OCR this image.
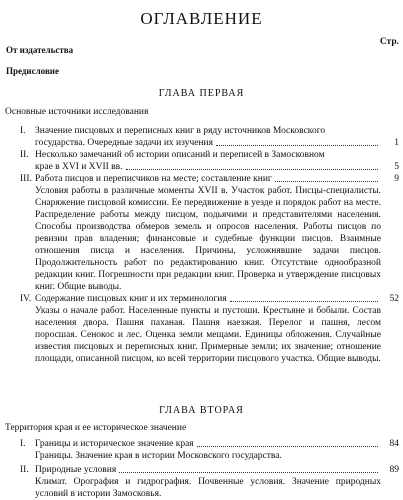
ОГЛАВЛЕНИЕ
Стр.
От издательства
Предисловие
ГЛАВА ПЕРВАЯ
Основные источники исследования
I. Значение писцовых и переписных книг в ряду источников Московского
государства. Очередные задачи их изучения	1
II. Несколько замечаний об истории описаний и переписей в Замосковном
крае в XVI и XVII вв.	5
III. Работа писцов и переписчиков на месте; составление книг	9
Условия работы в различные моменты XVII в. Участок работ. Писцы-специалисты. Снаряжение писцовой комиссии. Ее передвижение в уезде и порядок работ на месте. Распределение работы между писцом, подьячими и представителями населения. Способы производства обмеров земель и опросов населения. Работы писцов по ревизии прав владения; финансовые и судебные функции писцов. Взаимные отношения писца и населения. Причины, усложнявшие задачи писцов. Продолжительность работ по редактированию книг. Отсутствие однообразной редакции книг. Погрешности при редакции книг. Проверка и утверждение писцовых книг. Общие выводы.
IV. Содержание писцовых книг и их терминология	52
Указы о начале работ. Населенные пункты и пустоши. Крестьяне и бобыли. Состав населения двора. Пашня паханая. Пашня наезжая. Перелог и пашня, лесом поросшая. Сенокос и лес. Оценка земли мещами. Единицы обложения. Случайные известия писцовых и переписных книг. Примерные земли; их значение; отношение площади, описанной писцом, ко всей территории писцового участка. Общие выводы.
ГЛАВА ВТОРАЯ
Территория края и ее историческое значение
I. Границы и историческое значение края	84
Границы. Значение края в истории Московского государства.
II. Природные условия	89
Климат. Орография и гидрография. Почвенные условия. Значение природных условий в истории Замосковья.
